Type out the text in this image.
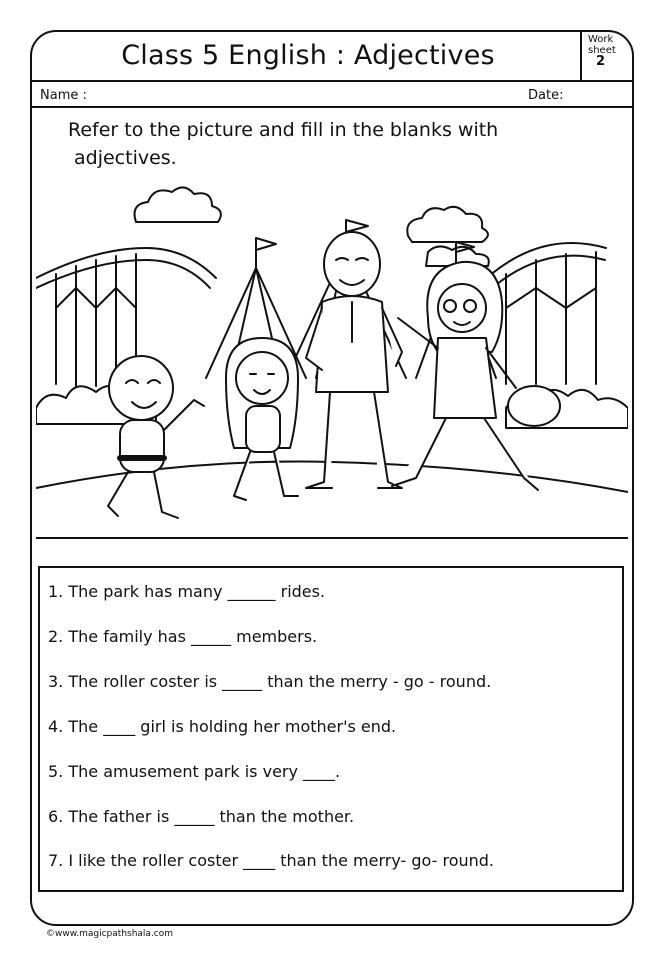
Class 5 English : Adjectives
Work
sheet
2
Name :	Date:
Refer to the picture and fill in the blanks with
adjectives.
1. The park has many ______ rides.
2. The family has _____ members.
3. The roller coster is _____ than the merry - go - round.
4. The ____ girl is holding her mother's end.
5. The amusement park is very ____.
6. The father is _____ than the mother.
7. I like the roller coster ____ than the merry- go- round.
©www.magicpathshala.com
